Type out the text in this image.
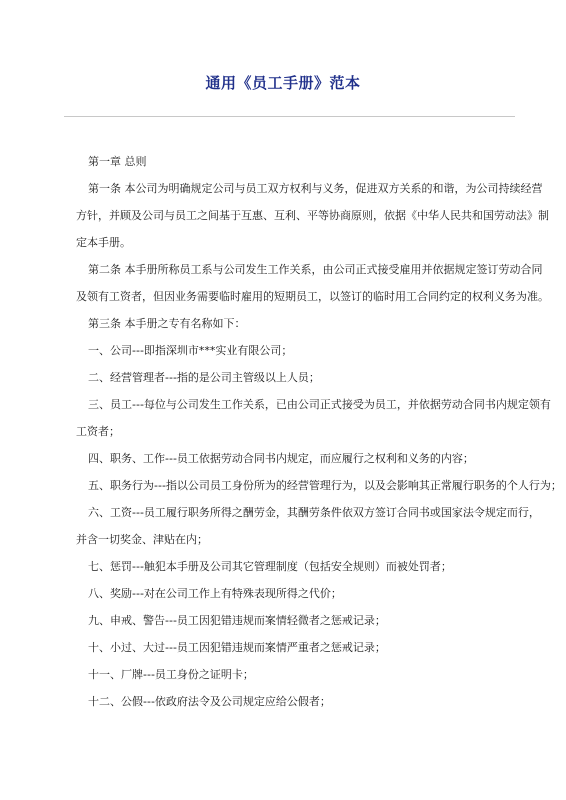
通用《员工手册》范本

第一章 总则

第一条 本公司为明确规定公司与员工双方权利与义务，促进双方关系的和谐，为公司持续经营

方针，并顾及公司与员工之间基于互惠、互利、平等协商原则，依据《中华人民共和国劳动法》制

定本手册。

第二条 本手册所称员工系与公司发生工作关系，由公司正式接受雇用并依据规定签订劳动合同

及领有工资者，但因业务需要临时雇用的短期员工，以签订的临时用工合同约定的权利义务为准。

第三条 本手册之专有名称如下：

一、公司---即指深圳市***实业有限公司；

二、经营管理者---指的是公司主管级以上人员；

三、员工---每位与公司发生工作关系，已由公司正式接受为员工，并依据劳动合同书内规定领有

工资者；

四、职务、工作---员工依据劳动合同书内规定，而应履行之权利和义务的内容；

五、职务行为---指以公司员工身份所为的经营管理行为，以及会影响其正常履行职务的个人行为；

六、工资---员工履行职务所得之酬劳金，其酬劳条件依双方签订合同书或国家法令规定而行，

并含一切奖金、津贴在内；

七、惩罚---触犯本手册及公司其它管理制度（包括安全规则）而被处罚者；

八、奖励---对在公司工作上有特殊表现所得之代价；

九、申戒、警告---员工因犯错违规而案情轻微者之惩戒记录；

十、小过、大过---员工因犯错违规而案情严重者之惩戒记录；

十一、厂牌---员工身份之证明卡；

十二、公假---依政府法令及公司规定应给公假者；
